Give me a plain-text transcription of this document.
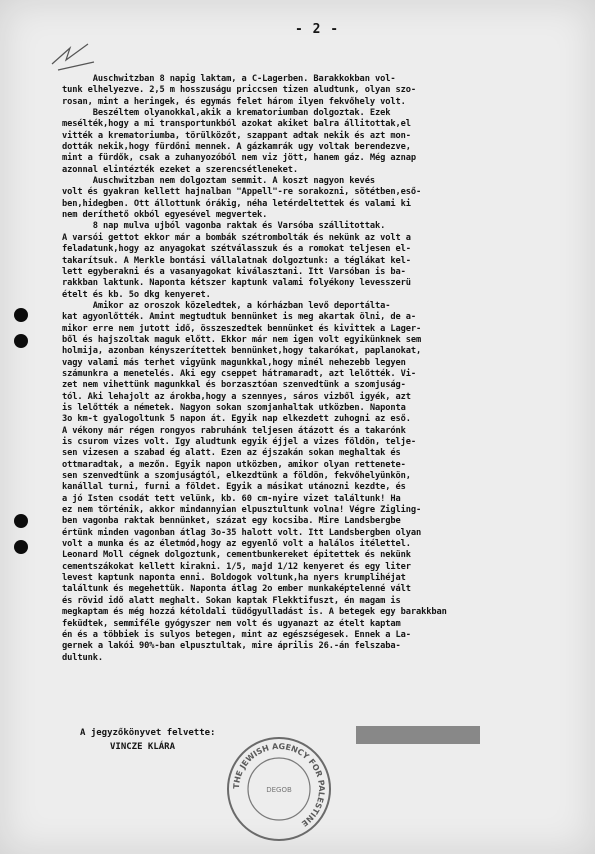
- 2 -
Auschwitzban 8 napig laktam, a C-Lagerben. Barakkokban vol-
tunk elhelyezve. 2,5 m hosszuságu priccsen tizen aludtunk, olyan szo-
rosan, mint a heringek, és egymás felet három ilyen fekvőhely volt.
Beszéltem olyanokkal,akik a krematoriumban dolgoztak. Ezek
mesélték,hogy a mi transportunkból azokat akiket balra állitottak,el
vitték a krematoriumba, törülközőt, szappant adtak nekik és azt mon-
dották nekik,hogy fürdőni mennek. A gázkamrák ugy voltak berendezve,
mint a fürdők, csak a zuhanyozóból nem viz jött, hanem gáz. Még aznap
azonnal elintézték ezeket a szerencsétleneket.
Auschwitzban nem dolgoztam semmit. A koszt nagyon kevés
volt és gyakran kellett hajnalban "Appell"-re sorakozni, sötétben,eső-
ben,hidegben. Ott állottunk órákig, néha letérdeltettek és valami ki
nem deríthető okból egyesével megvertek.
8 nap mulva ujból vagonba raktak és Varsóba szállitottak.
A varsói gettot ekkor már a bombák szétrombolták és nekünk az volt a
feladatunk,hogy az anyagokat szétválasszuk és a romokat teljesen el-
takarítsuk. A Merkle bontási vállalatnak dolgoztunk: a téglákat kel-
lett egyberakni és a vasanyagokat kiválasztani. Itt Varsóban is ba-
rakkban laktunk. Naponta kétszer kaptunk valami folyékony levesszerü
ételt és kb. 5o dkg kenyeret.
Amikor az oroszok közeledtek, a kórházban levő deportálta-
kat agyonlőtték. Amint megtudtuk bennünket is meg akartak ölni, de a-
mikor erre nem jutott idő, összeszedtek bennünket és kivittek a Lager-
ből és hajszoltak maguk előtt. Ekkor már nem igen volt egyikünknek sem
holmija, azonban kényszerítettek bennünket,hogy takarókat, paplanokat,
vagy valami más terhet vigyünk magunkkal,hogy minél nehezebb legyen
számunkra a menetelés. Aki egy cseppet hátramaradt, azt lelőtték. Vi-
zet nem vihettünk magunkkal és borzasztóan szenvedtünk a szomjuság-
tól. Aki lehajolt az árokba,hogy a szennyes, sáros vizből igyék, azt
is lelőtték a németek. Nagyon sokan szomjanhaltak utközben. Naponta
3o km-t gyalogoltunk 5 napon át. Egyik nap elkezdett zuhogni az eső.
A vékony már régen rongyos rabruhánk teljesen átázott és a takarónk
is csurom vizes volt. Igy aludtunk egyik éjjel a vizes földön, telje-
sen vizesen a szabad ég alatt. Ezen az éjszakán sokan meghaltak és
ottmaradtak, a mezőn. Egyik napon utközben, amikor olyan rettenete-
sen szenvedtünk a szomjuságtól, elkezdtünk a földön, fekvőhelyünkön,
kanállal turni, furni a földet. Egyik a másikat utánozni kezdte, és
a jó Isten csodát tett velünk, kb. 60 cm-nyire vizet találtunk! Ha
ez nem történik, akkor mindannyian elpusztultunk volna! Végre Zigling-
ben vagonba raktak bennünket, százat egy kocsiba. Mire Landsbergbe
értünk minden vagonban átlag 3o-35 halott volt. Itt Landsbergben olyan
volt a munka és az életmód,hogy az egyenlő volt a halálos itélettel.
Leonard Moll cégnek dolgoztunk, cementbunkereket épitettek és nekünk
cementszákokat kellett kirakni. 1/5, majd 1/12 kenyeret és egy liter
levest kaptunk naponta enni. Boldogok voltunk,ha nyers krumplihéjat
találtunk és megehettük. Naponta átlag 2o ember munkaképtelenné vált
és rövid idő alatt meghalt. Sokan kaptak Flekktifuszt, én magam is
megkaptam és még hozzá kétoldali tüdőgyulladást is. A betegek egy barakkban
feküdtek, semmiféle gyógyszer nem volt és ugyanazt az ételt kaptam
én és a többiek is sulyos betegen, mint az egészségesek. Ennek a La-
gernek a lakói 90%-ban elpusztultak, mire április 26.-án felszaba-
dultunk.
A jegyzőkönyvet felvette:
VINCZE KLÁRA
THE JEWISH AGENCY FOR PALESTINE
DEGOB
